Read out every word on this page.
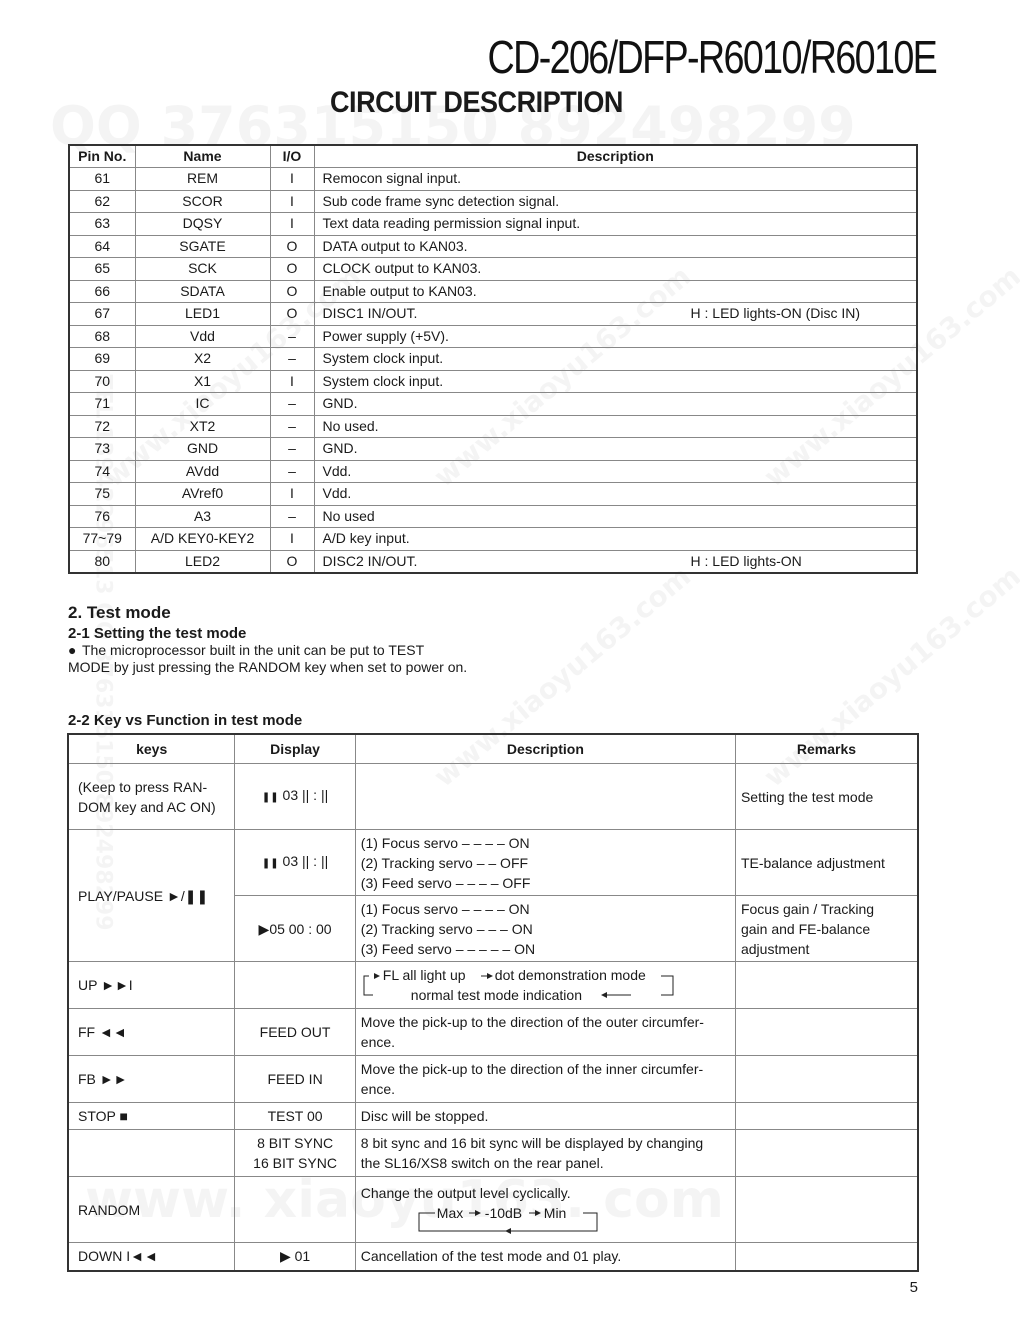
CD-206/DFP-R6010/R6010E
CIRCUIT DESCRIPTION
Pin No.	Name	I/O	Description
61	REM	I	Remocon signal input.
62	SCOR	I	Sub code frame sync detection signal.
63	DQSY	I	Text data reading permission signal input.
64	SGATE	O	DATA output to KAN03.
65	SCK	O	CLOCK output to KAN03.
66	SDATA	O	Enable output to KAN03.
67	LED1	O	DISC1 IN/OUT. H : LED lights-ON (Disc IN)

68	Vdd	–	Power supply (+5V).
69	X2	–	System clock input.
70	X1	I	System clock input.
71	IC	–	GND.
72	XT2	–	No used.
73	GND	–	GND.
74	AVdd	–	Vdd.
75	AVref0	I	Vdd.
76	A3	–	No used
77~79	A/D KEY0-KEY2	I	A/D key input.
80	LED2	O	DISC2 IN/OUT. H : LED lights-ON
2. Test mode
2-1 Setting the test mode
● The microprocessor built in the unit can be put to TEST MODE by just pressing the RANDOM key when set to power on.
2-2 Key vs Function in test mode
keys	Display	Description	Remarks

(Keep to press RAN-
DOM key and AC ON)	❚❚ 03 || : ||		Setting the test mode
PLAY/PAUSE ►/❚❚	❚❚ 03 || : ||	(1) Focus servo – – – – ON
(2) Tracking servo – – OFF
(3) Feed servo – – – – OFF	TE-balance adjustment
	▶05 00 : 00	(1) Focus servo – – – – ON
(2) Tracking servo – – – ON
(3) Feed servo – – – – – ON	Focus gain / Tracking
gain and FE-balance
adjustment

UP ►►I		FL all light up dot demonstration mode
normal test mode indication	

FF ◄◄	FEED OUT	Move the pick-up to the direction of the outer circumfer-
ence.	

FB ►►	FEED IN	Move the pick-up to the direction of the inner circumfer-
ence.	

STOP ■	TEST 00	Disc will be stopped.	

	8 BIT SYNC
16 BIT SYNC	8 bit sync and 16 bit sync will be displayed by changing
the SL16/XS8 switch on the rear panel.	

RANDOM		Change the output level cyclically.
Max -10dB Min	

DOWN I◄◄	▶ 01	Cancellation of the test mode and 01 play.	
5
